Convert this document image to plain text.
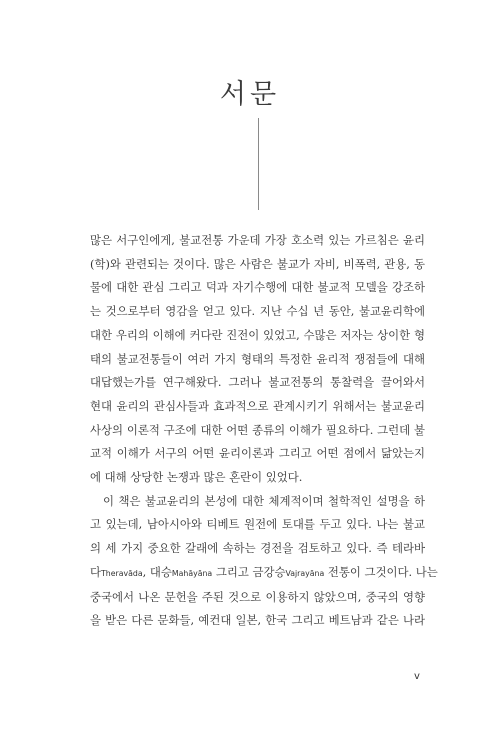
서문
많은 서구인에게, 불교전통 가운데 가장 호소력 있는 가르침은 윤리
(학)와 관련되는 것이다. 많은 사람은 불교가 자비, 비폭력, 관용, 동
물에 대한 관심 그리고 덕과 자기수행에 대한 불교적 모델을 강조하
는 것으로부터 영감을 얻고 있다. 지난 수십 년 동안, 불교윤리학에
대한 우리의 이해에 커다란 진전이 있었고, 수많은 저자는 상이한 형
태의 불교전통들이 여러 가지 형태의 특정한 윤리적 쟁점들에 대해
대답했는가를 연구해왔다. 그러나 불교전통의 통찰력을 끌어와서
현대 윤리의 관심사들과 효과적으로 관계시키기 위해서는 불교윤리
사상의 이론적 구조에 대한 어떤 종류의 이해가 필요하다. 그런데 불
교적 이해가 서구의 어떤 윤리이론과 그리고 어떤 점에서 닮았는지
에 대해 상당한 논쟁과 많은 혼란이 있었다.
이 책은 불교윤리의 본성에 대한 체계적이며 철학적인 설명을 하
고 있는데, 남아시아와 티베트 원전에 토대를 두고 있다. 나는 불교
의 세 가지 중요한 갈래에 속하는 경전을 검토하고 있다. 즉 테라바
다Theravāda, 대승Mahāyāna 그리고 금강승Vajrayāna 전통이 그것이다. 나는
중국에서 나온 문헌을 주된 것으로 이용하지 않았으며, 중국의 영향
을 받은 다른 문화들, 예컨대 일본, 한국 그리고 베트남과 같은 나라
v
